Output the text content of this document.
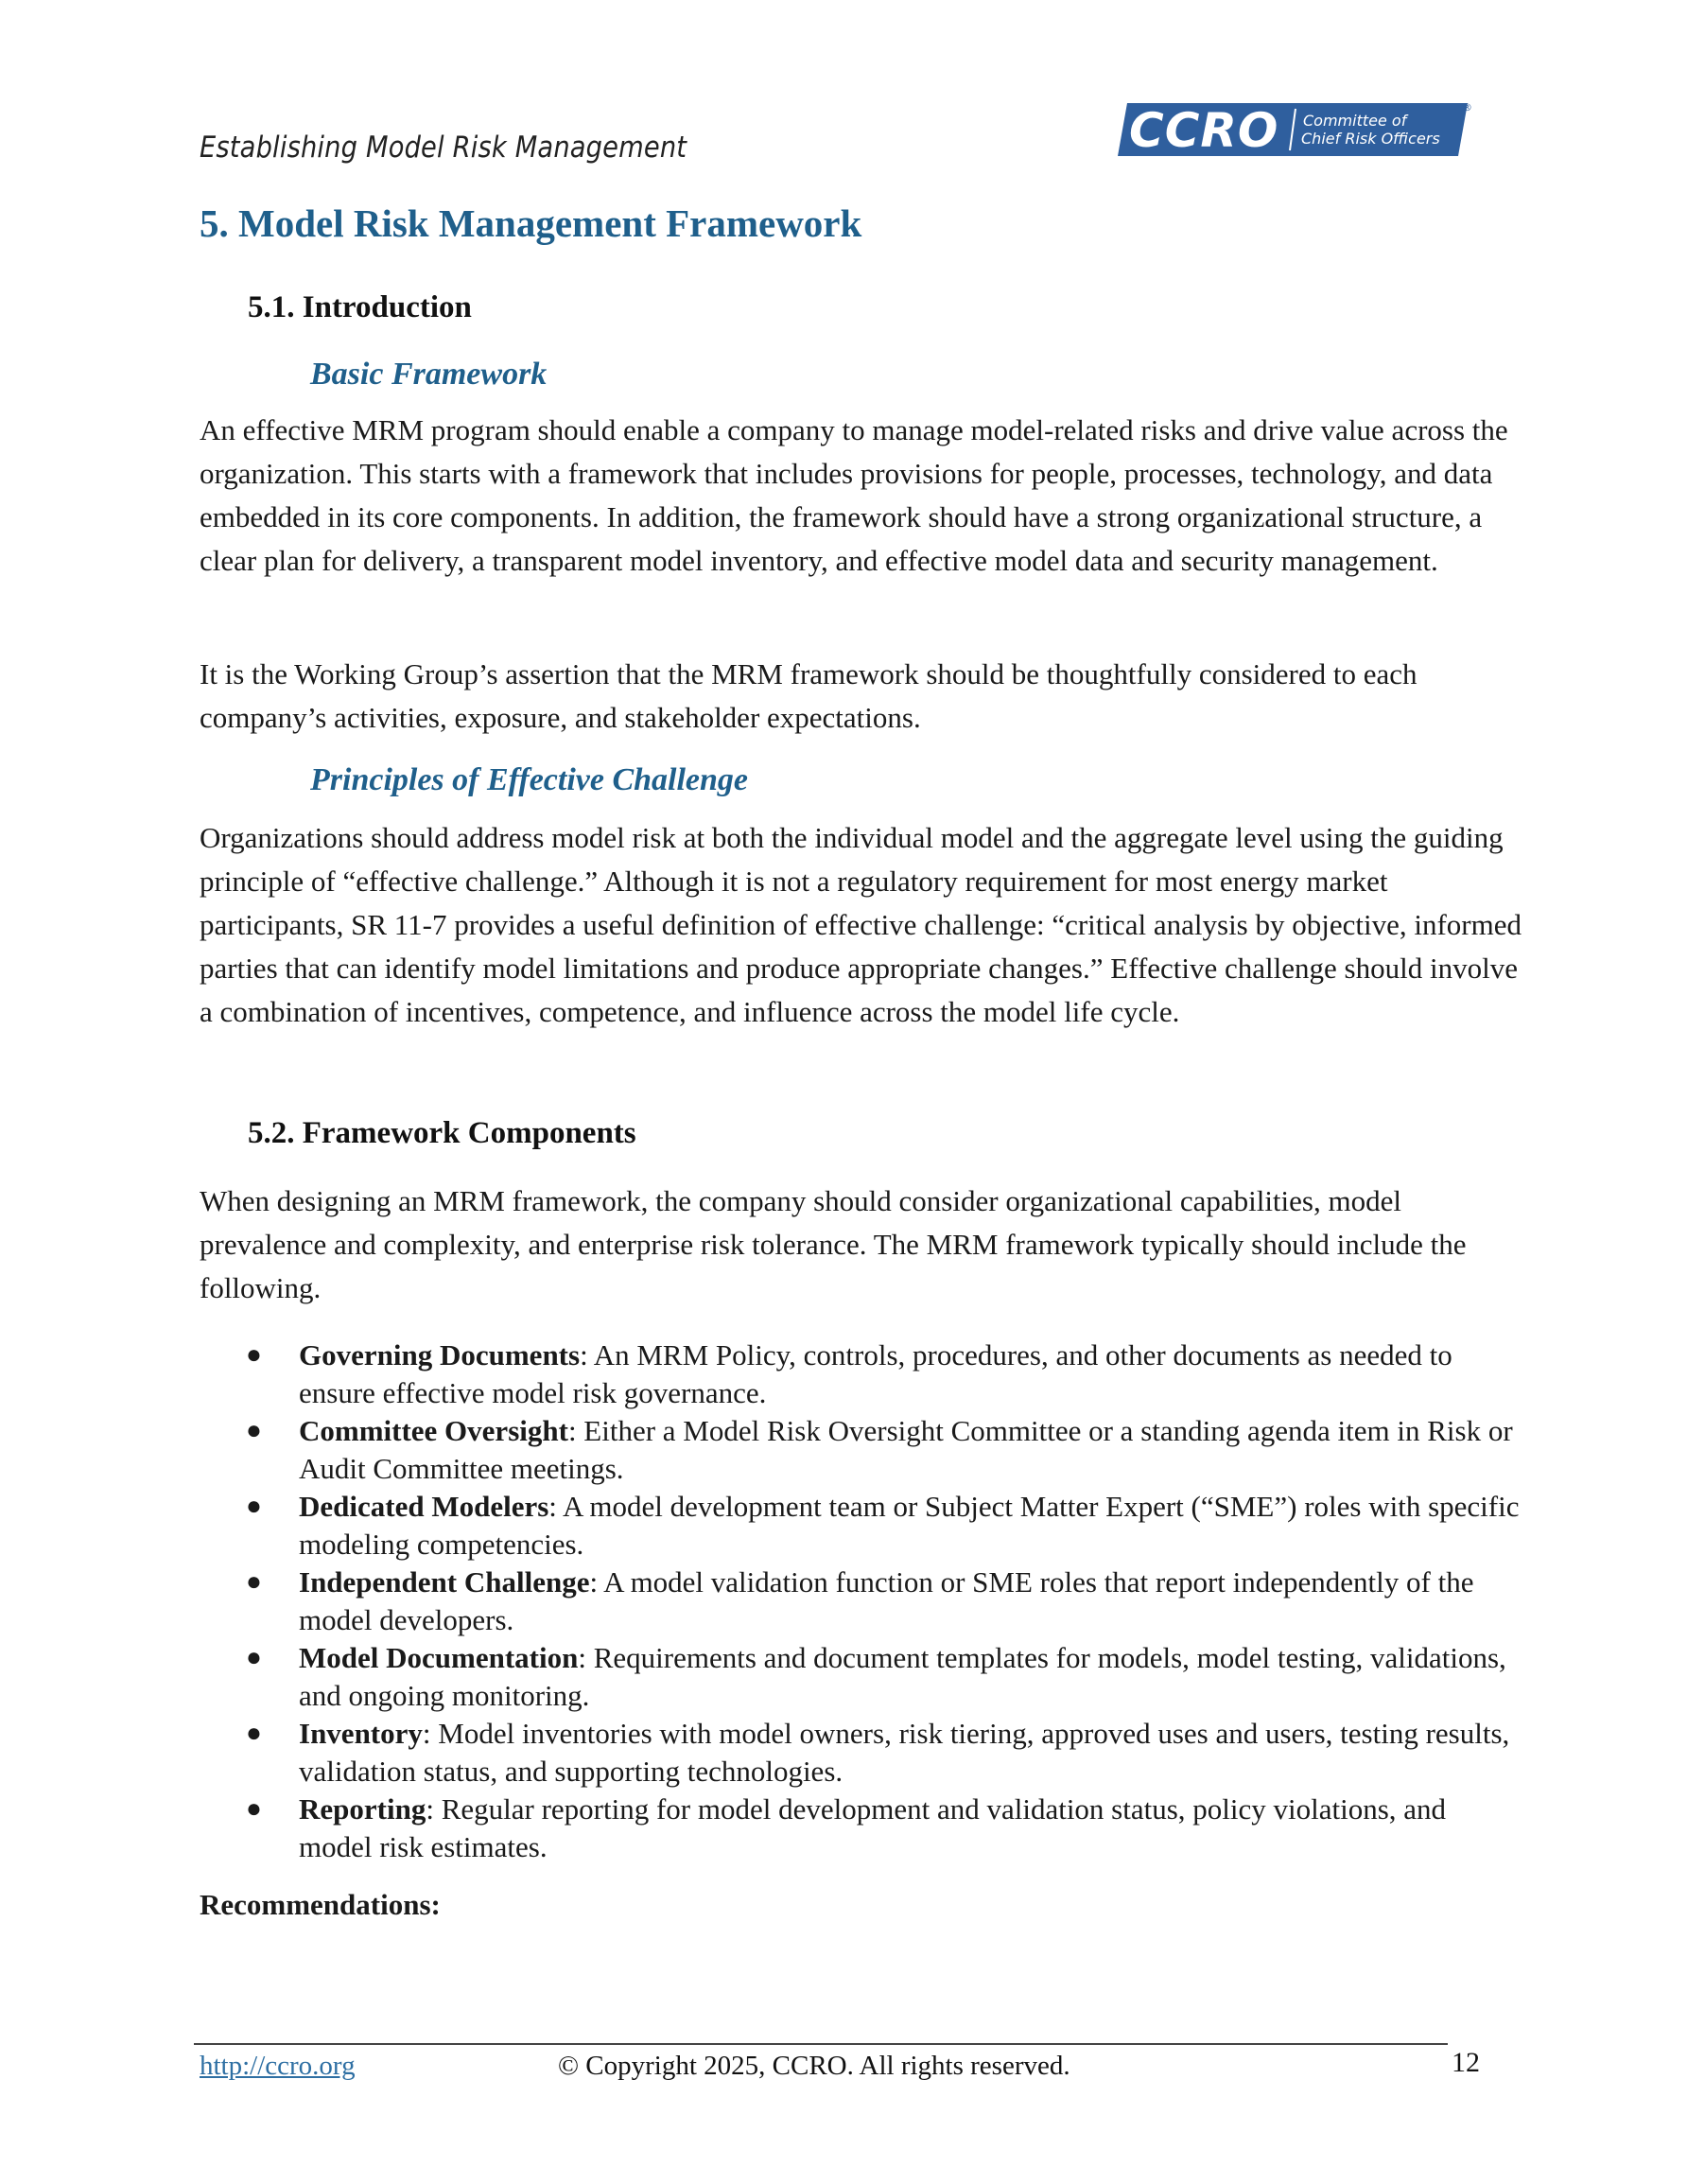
Establishing Model Risk Management	CCRO Committee of
Chief Risk Officers
®
5. Model Risk Management Framework
5.1. Introduction
Basic Framework

An effective MRM program should enable a company to manage model-related risks and drive value across the organization. This starts with a framework that includes provisions for people, processes, technology, and data embedded in its core components. In addition, the framework should have a strong organizational structure, a clear plan for delivery, a transparent model inventory, and effective model data and security management.

It is the Working Group’s assertion that the MRM framework should be thoughtfully considered to each company’s activities, exposure, and stakeholder expectations.

Principles of Effective Challenge

Organizations should address model risk at both the individual model and the aggregate level using the guiding principle of “effective challenge.” Although it is not a regulatory requirement for most energy market participants, SR 11-7 provides a useful definition of effective challenge: “critical analysis by objective, informed parties that can identify model limitations and produce appropriate changes.” Effective challenge should involve a combination of incentives, competence, and influence across the model life cycle.

5.2. Framework Components

When designing an MRM framework, the company should consider organizational capabilities, model prevalence and complexity, and enterprise risk tolerance. The MRM framework typically should include the following.

● Governing Documents: An MRM Policy, controls, procedures, and other documents as needed to ensure effective model risk governance.
● Committee Oversight: Either a Model Risk Oversight Committee or a standing agenda item in Risk or Audit Committee meetings.
● Dedicated Modelers: A model development team or Subject Matter Expert (“SME”) roles with specific modeling competencies.
● Independent Challenge: A model validation function or SME roles that report independently of the model developers.
● Model Documentation: Requirements and document templates for models, model testing, validations, and ongoing monitoring.
● Inventory: Model inventories with model owners, risk tiering, approved uses and users, testing results, validation status, and supporting technologies.
● Reporting: Regular reporting for model development and validation status, policy violations, and model risk estimates.
Recommendations:
http://ccro.org	© Copyright 2025, CCRO. All rights reserved.	12
